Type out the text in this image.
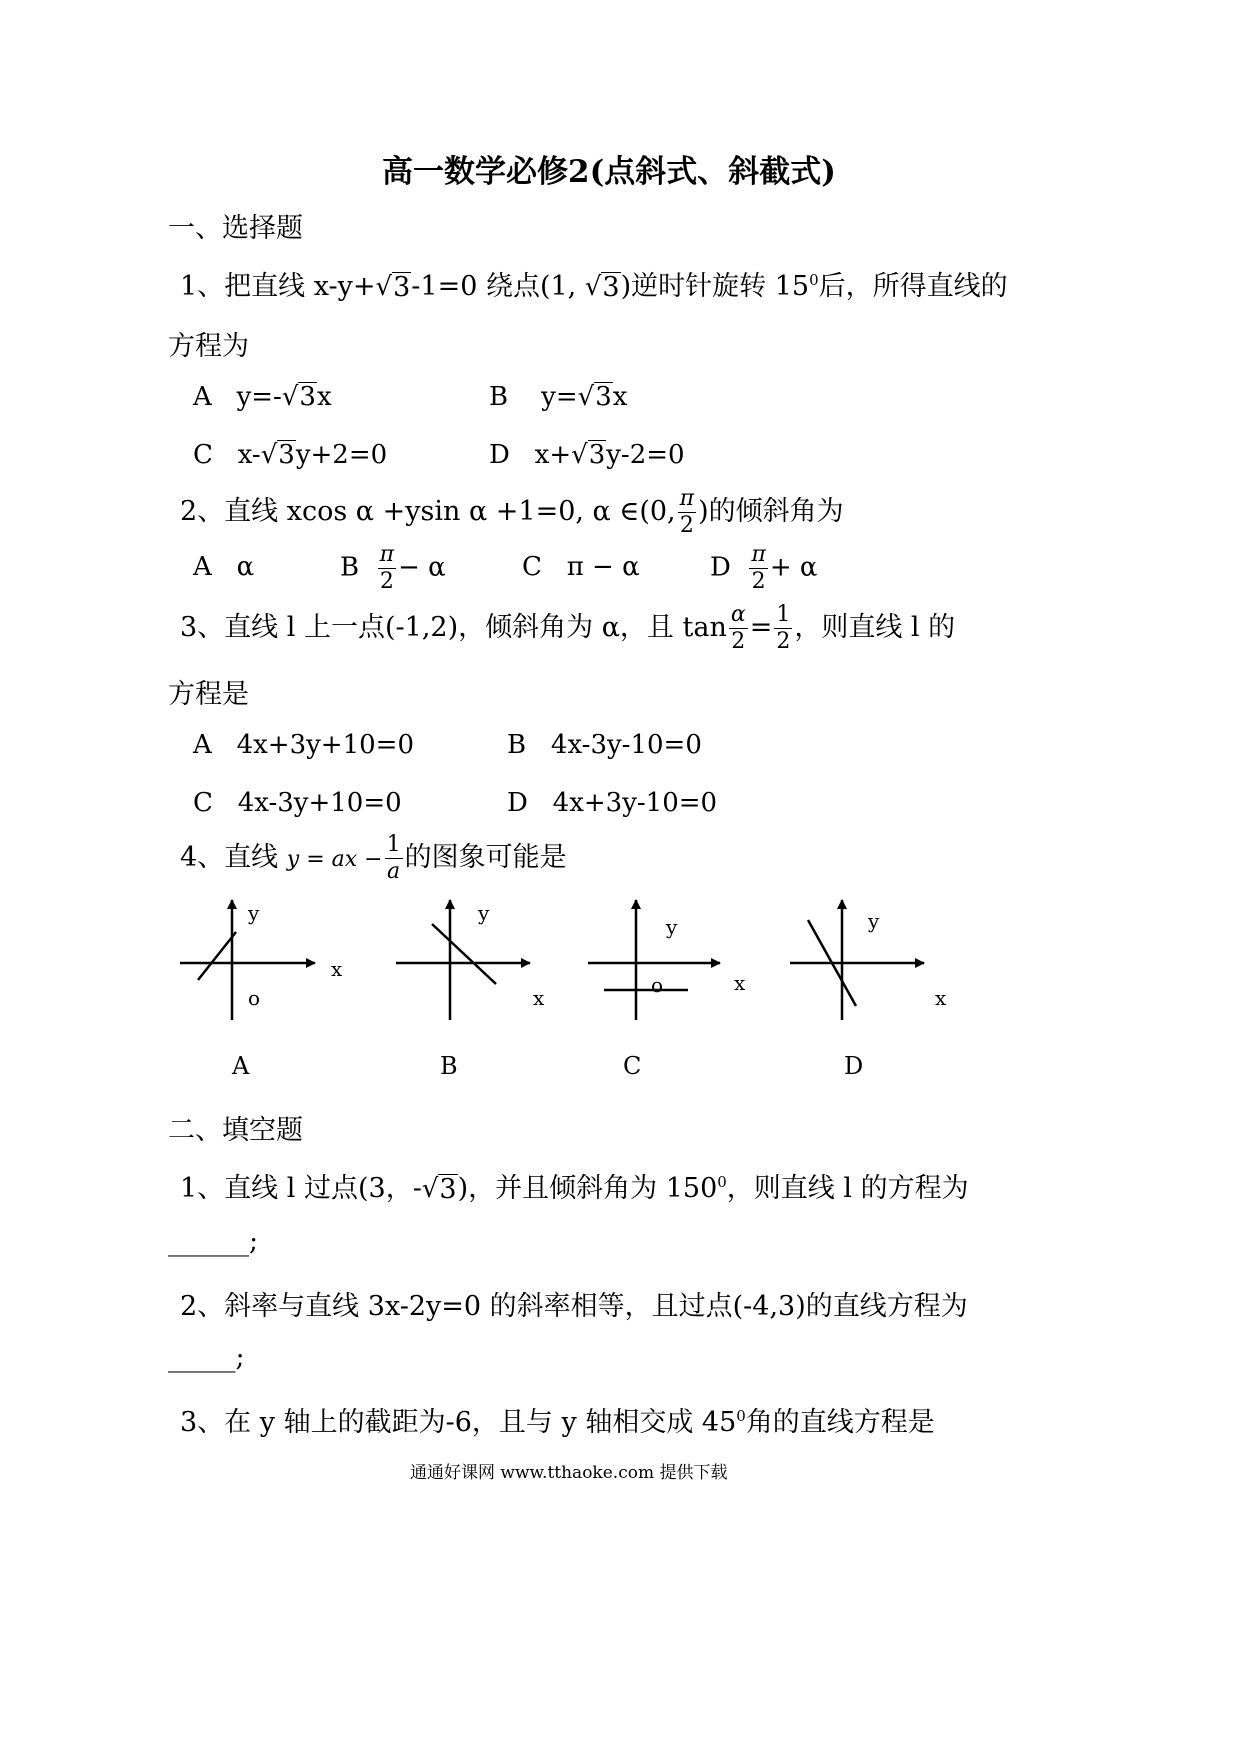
高一数学必修2(点斜式、斜截式)
一、选择题
1、把直线 x-y+ √ 3 -1=0 绕点(1, √ 3 )逆时针旋转 $15^0$后，所得直线的
方程为
A y=- √ 3 x	B y= √ 3 x
C x- √ 3 y+2=0	D x+ √ 3 y-2=0
2、直线 xcos α +ysin α +1=0, α ∈(0, $\frac{\pi}{2}$ )的倾斜角为
A α	B $\frac{\pi}{2} - \alpha$	C π − α	D $\frac{\pi}{2} + \alpha$
3、直线 l 上一点(-1,2)，倾斜角为 α，且 $\tan \frac{\alpha}{2} = \frac{1}{2}$ ，则直线 l 的
方程是
A 4x+3y+10=0	B 4x-3y-10=0
C 4x-3y+10=0	D 4x+3y-10=0
4、直线 y = ax − $\frac{1}{a}$ 的图象可能是
y
x
o
y
x
y
x
o
y
x
A	B	C	D
二、填空题
1、直线 l 过点(3，- √ 3 )，并且倾斜角为 $150^0$，则直线 l 的方程为
______;
2、斜率与直线 3x-2y=0 的斜率相等，且过点(-4,3)的直线方程为
_____;
3、在 y 轴上的截距为-6，且与 y 轴相交成 $45^0$角的直线方程是
通通好课网 www.tthaoke.com 提供下载
